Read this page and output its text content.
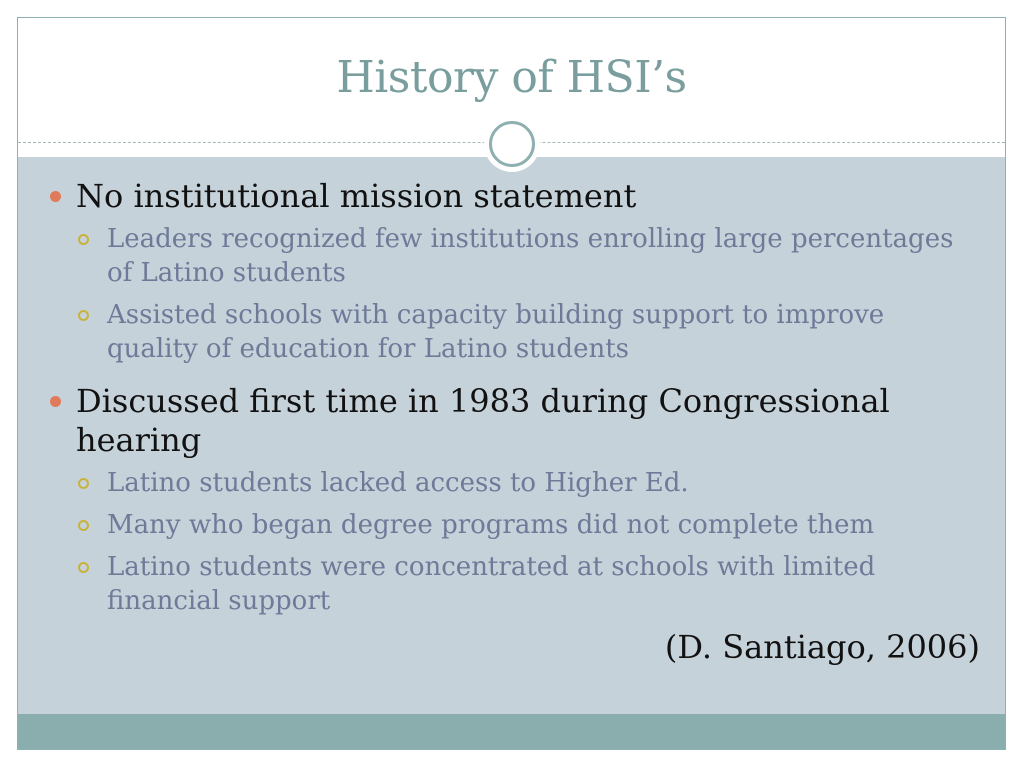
History of HSI’s
No institutional mission statement
Leaders recognized few institutions enrolling large percentages of Latino students
Assisted schools with capacity building support to improve quality of education for Latino students
Discussed first time in 1983 during Congressional hearing
Latino students lacked access to Higher Ed.
Many who began degree programs did not complete them
Latino students were concentrated at schools with limited financial support
(D. Santiago, 2006)
